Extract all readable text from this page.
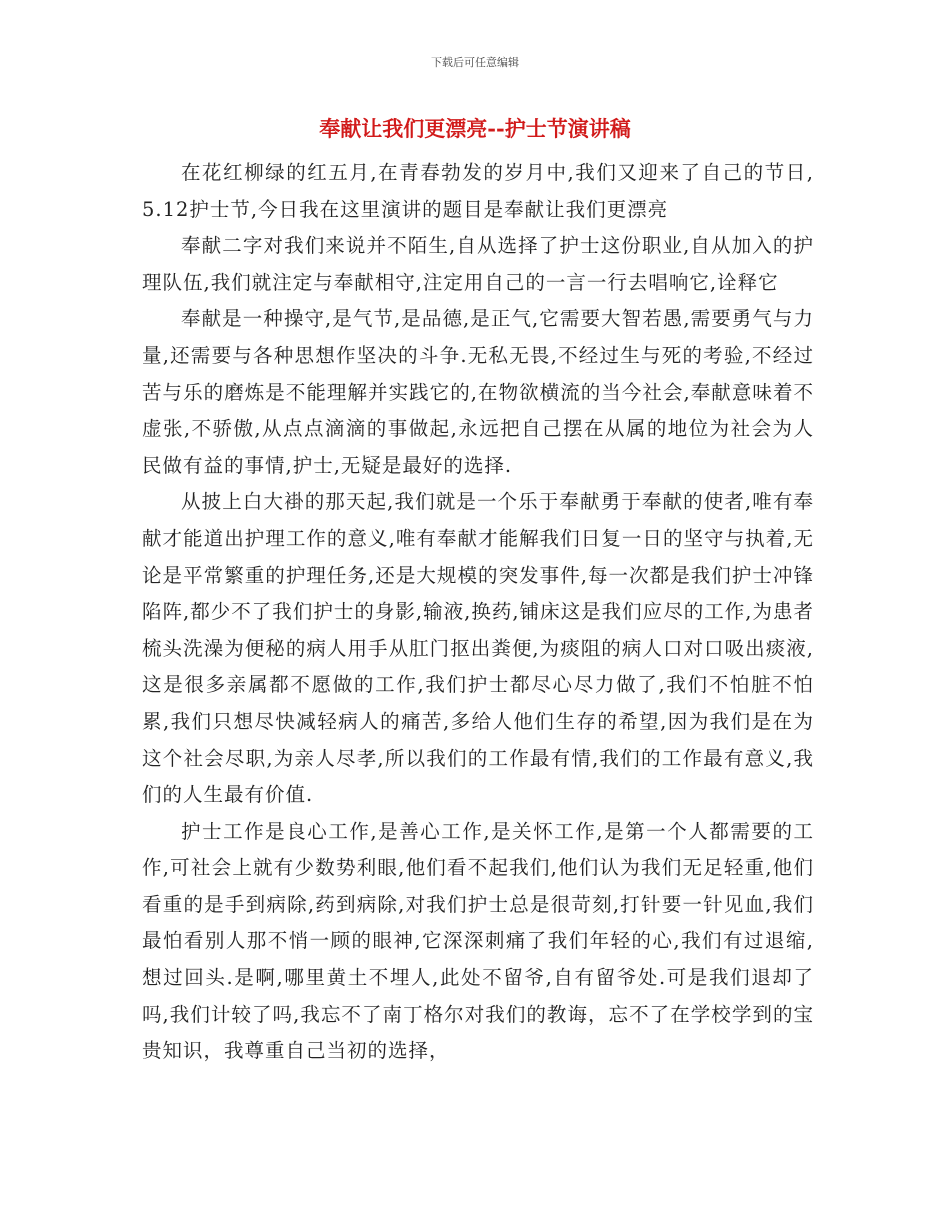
下载后可任意编辑
奉献让我们更漂亮--护士节演讲稿

在花红柳绿的红五月,在青春勃发的岁月中,我们又迎来了自己的节日,5.12护士节,今日我在这里演讲的题目是奉献让我们更漂亮

奉献二字对我们来说并不陌生,自从选择了护士这份职业,自从加入的护理队伍,我们就注定与奉献相守,注定用自己的一言一行去唱响它,诠释它

奉献是一种操守,是气节,是品德,是正气,它需要大智若愚,需要勇气与力量,还需要与各种思想作坚决的斗争.无私无畏,不经过生与死的考验,不经过苦与乐的磨炼是不能理解并实践它的,在物欲横流的当今社会,奉献意味着不虚张,不骄傲,从点点滴滴的事做起,永远把自己摆在从属的地位为社会为人民做有益的事情,护士,无疑是最好的选择.

从披上白大褂的那天起,我们就是一个乐于奉献勇于奉献的使者,唯有奉献才能道出护理工作的意义,唯有奉献才能解我们日复一日的坚守与执着,无论是平常繁重的护理任务,还是大规模的突发事件,每一次都是我们护士冲锋陷阵,都少不了我们护士的身影,输液,换药,铺床这是我们应尽的工作,为患者梳头洗澡为便秘的病人用手从肛门抠出粪便,为痰阻的病人口对口吸出痰液,这是很多亲属都不愿做的工作,我们护士都尽心尽力做了,我们不怕脏不怕累,我们只想尽快减轻病人的痛苦,多给人他们生存的希望,因为我们是在为这个社会尽职,为亲人尽孝,所以我们的工作最有情,我们的工作最有意义,我们的人生最有价值.

护士工作是良心工作,是善心工作,是关怀工作,是第一个人都需要的工作,可社会上就有少数势利眼,他们看不起我们,他们认为我们无足轻重,他们看重的是手到病除,药到病除,对我们护士总是很苛刻,打针要一针见血,我们最怕看别人那不悄一顾的眼神,它深深刺痛了我们年轻的心,我们有过退缩,想过回头.是啊,哪里黄土不埋人,此处不留爷,自有留爷处.可是我们退却了吗,我们计较了吗,我忘不了南丁格尔对我们的教诲，忘不了在学校学到的宝贵知识，我尊重自己当初的选择，
